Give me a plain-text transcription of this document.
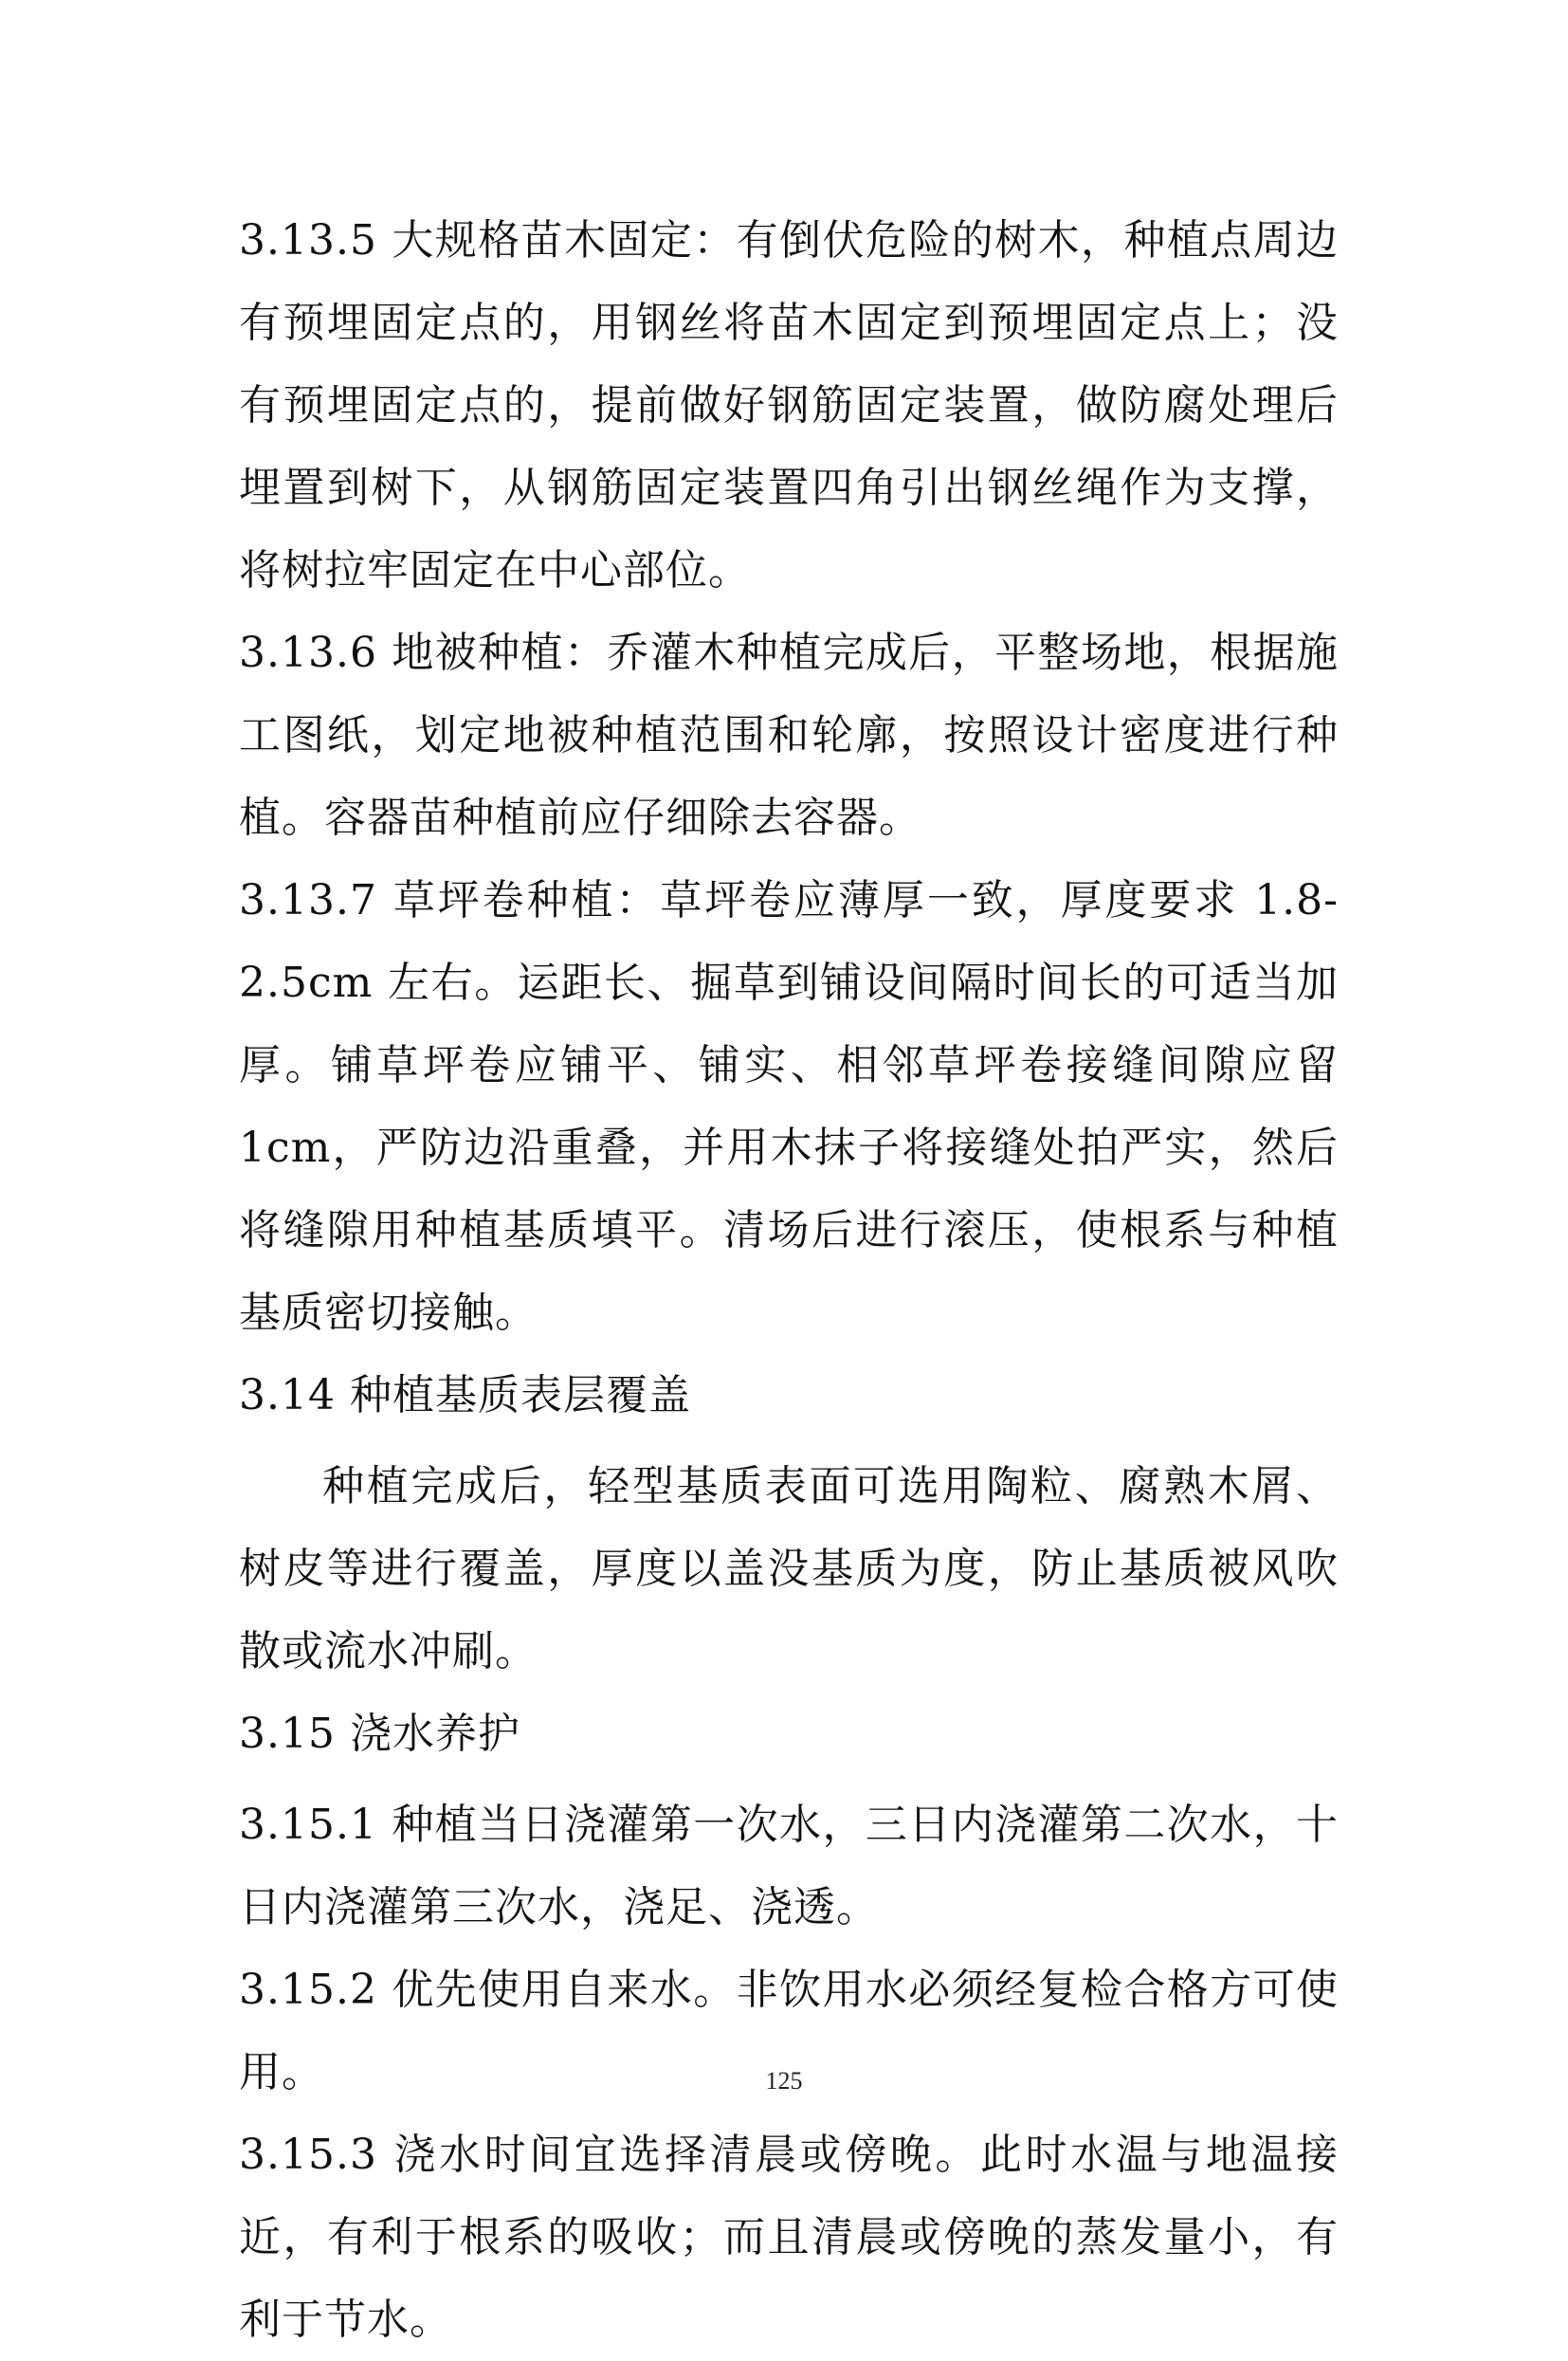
3.13.5 大规格苗木固定：有倒伏危险的树木，种植点周边有预埋固定点的，用钢丝将苗木固定到预埋固定点上；没有预埋固定点的，提前做好钢筋固定装置，做防腐处理后埋置到树下，从钢筋固定装置四角引出钢丝绳作为支撑，将树拉牢固定在中心部位。

3.13.6 地被种植：乔灌木种植完成后，平整场地，根据施工图纸，划定地被种植范围和轮廓，按照设计密度进行种植。容器苗种植前应仔细除去容器。

3.13.7 草坪卷种植：草坪卷应薄厚一致，厚度要求 1.8-2.5cm 左右。运距长、掘草到铺设间隔时间长的可适当加厚。铺草坪卷应铺平、铺实、相邻草坪卷接缝间隙应留 1cm，严防边沿重叠，并用木抹子将接缝处拍严实，然后将缝隙用种植基质填平。清场后进行滚压，使根系与种植基质密切接触。

3.14 种植基质表层覆盖

种植完成后，轻型基质表面可选用陶粒、腐熟木屑、树皮等进行覆盖，厚度以盖没基质为度，防止基质被风吹散或流水冲刷。

3.15 浇水养护

3.15.1 种植当日浇灌第一次水，三日内浇灌第二次水，十日内浇灌第三次水，浇足、浇透。

3.15.2 优先使用自来水。非饮用水必须经复检合格方可使用。

3.15.3 浇水时间宜选择清晨或傍晚。此时水温与地温接近，有利于根系的吸收；而且清晨或傍晚的蒸发量小，有利于节水。

125
